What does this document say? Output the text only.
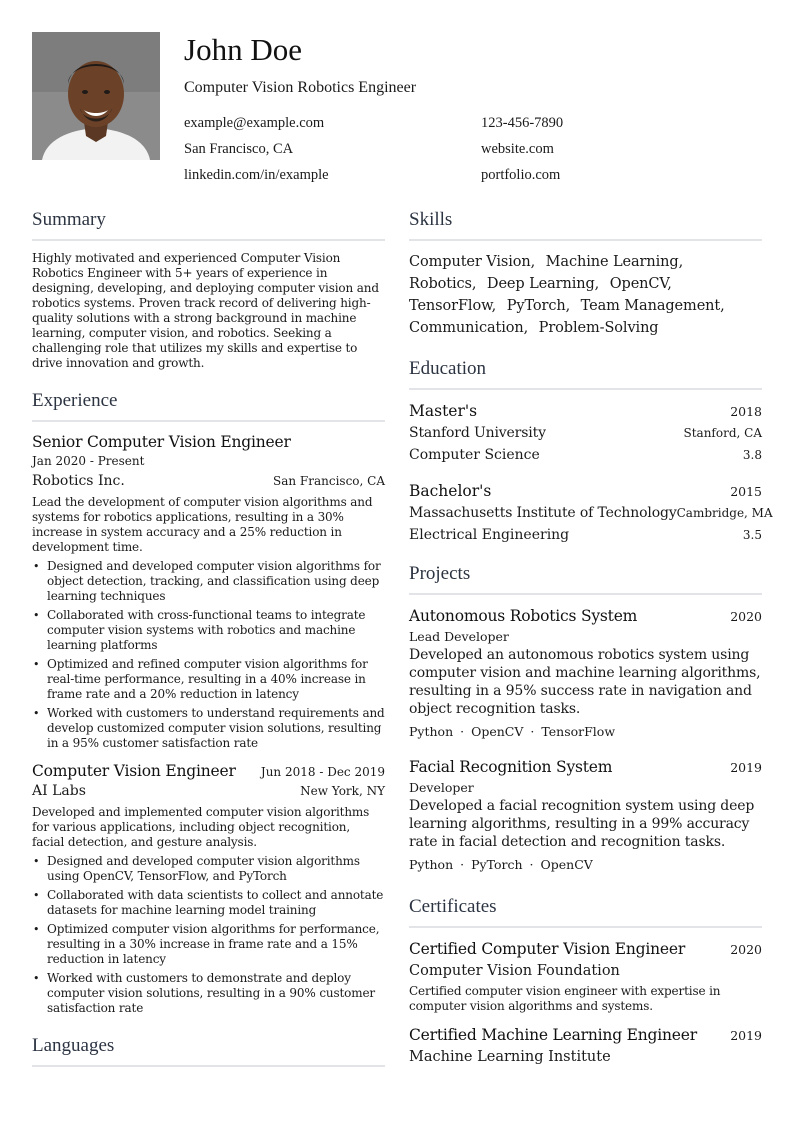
John Doe
Computer Vision Robotics Engineer
example@example.com	123-456-7890
San Francisco, CA	website.com
linkedin.com/in/example	portfolio.com
Summary
Highly motivated and experienced Computer Vision Robotics Engineer with 5+ years of experience in designing, developing, and deploying computer vision and robotics systems. Proven track record of delivering high-quality solutions with a strong background in machine learning, computer vision, and robotics. Seeking a challenging role that utilizes my skills and expertise to drive innovation and growth.
Experience
Senior Computer Vision Engineer
Jan 2020 - Present
Robotics Inc.	San Francisco, CA
Lead the development of computer vision algorithms and systems for robotics applications, resulting in a 30% increase in system accuracy and a 25% reduction in development time.
• Designed and developed computer vision algorithms for object detection, tracking, and classification using deep learning techniques
• Collaborated with cross-functional teams to integrate computer vision systems with robotics and machine learning platforms
• Optimized and refined computer vision algorithms for real-time performance, resulting in a 40% increase in frame rate and a 20% reduction in latency
• Worked with customers to understand requirements and develop customized computer vision solutions, resulting in a 95% customer satisfaction rate
Computer Vision Engineer Jun 2018 - Dec 2019
AI Labs	New York, NY
Developed and implemented computer vision algorithms for various applications, including object recognition, facial detection, and gesture analysis.
• Designed and developed computer vision algorithms using OpenCV, TensorFlow, and PyTorch
• Collaborated with data scientists to collect and annotate datasets for machine learning model training
• Optimized computer vision algorithms for performance, resulting in a 30% increase in frame rate and a 15% reduction in latency
• Worked with customers to demonstrate and deploy computer vision solutions, resulting in a 90% customer satisfaction rate
Languages
Skills
Computer Vision, Machine Learning, Robotics, Deep Learning, OpenCV, TensorFlow, PyTorch, Team Management, Communication, Problem-Solving
Education
Master's	2018
Stanford University	Stanford, CA
Computer Science	3.8
Bachelor's	2015
Massachusetts Institute of Technology Cambridge, MA
Electrical Engineering	3.5
Projects
Autonomous Robotics System	2020
Lead Developer
Developed an autonomous robotics system using computer vision and machine learning algorithms, resulting in a 95% success rate in navigation and object recognition tasks.
Python · OpenCV · TensorFlow
Facial Recognition System	2019
Developer
Developed a facial recognition system using deep learning algorithms, resulting in a 99% accuracy rate in facial detection and recognition tasks.
Python · PyTorch · OpenCV
Certificates
Certified Computer Vision Engineer	2020
Computer Vision Foundation
Certified computer vision engineer with expertise in computer vision algorithms and systems.
Certified Machine Learning Engineer	2019
Machine Learning Institute
